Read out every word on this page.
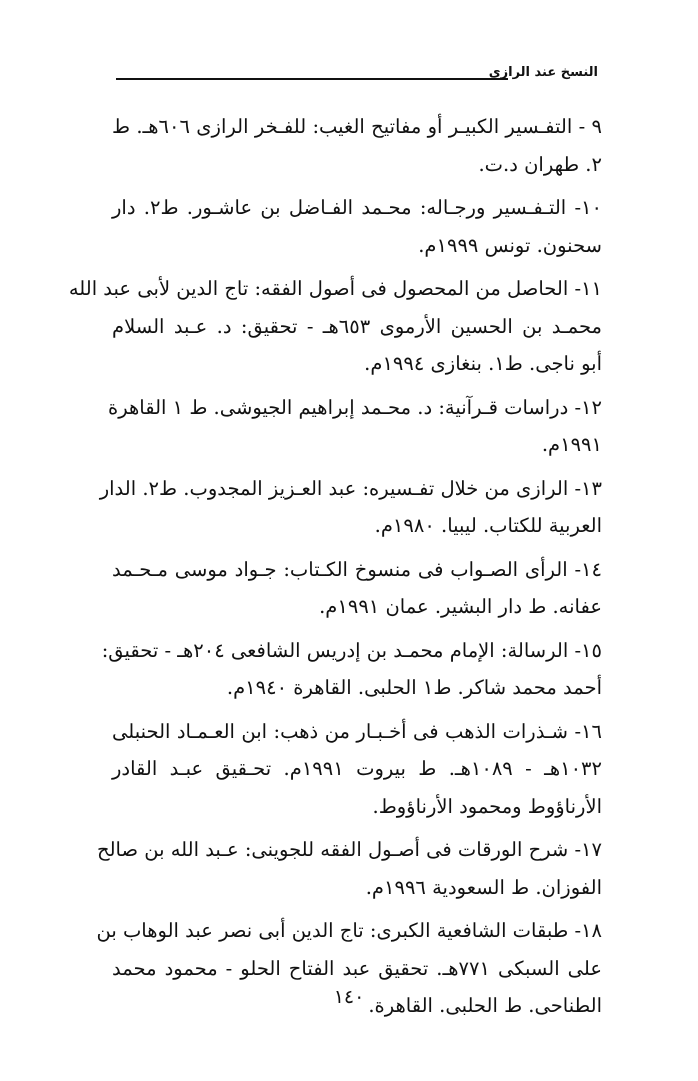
النسخ عند الرازى
٩ - التفـسير الكبيـر أو مفاتيح الغيب: للفـخر الرازى ٦٠٦هـ. ط
٢. طهران د.ت.
١٠- التـفـسير ورجـاله: محـمد الفـاضل بن عاشـور. ط٢. دار
سحنون. تونس ١٩٩٩م.
١١- الحاصل من المحصول فى أصول الفقه: تاج الدين لأبى عبد الله
محمـد بن الحسين الأرموى ٦٥٣هـ - تحقيق: د. عـبد السلام
أبو ناجى. ط١. بنغازى ١٩٩٤م.
١٢- دراسات قـرآنية: د. محـمد إبراهيم الجيوشى. ط ١ القاهرة
١٩٩١م.
١٣- الرازى من خلال تفـسيره: عبد العـزيز المجدوب. ط٢. الدار
العربية للكتاب. ليبيا. ١٩٨٠م.
١٤- الرأى الصـواب فى منسوخ الكـتاب: جـواد موسى مـحـمد
عفانه. ط دار البشير. عمان ١٩٩١م.
١٥- الرسالة: الإمام محمـد بن إدريس الشافعى ٢٠٤هـ - تحقيق:
أحمد محمد شاكر. ط١ الحلبى. القاهرة ١٩٤٠م.
١٦- شـذرات الذهب فى أخـبـار من ذهب: ابن العـمـاد الحنبلى
١٠٣٢هـ - ١٠٨٩هـ. ط بيروت ١٩٩١م. تحـقيق عبـد القادر
الأرناؤوط ومحمود الأرناؤوط.
١٧- شرح الورقات فى أصـول الفقه للجوينى: عـبد الله بن صالح
الفوزان. ط السعودية ١٩٩٦م.
١٨- طبقات الشافعية الكبرى: تاج الدين أبى نصر عبد الوهاب بن
على السبكى ٧٧١هـ. تحقيق عبد الفتاح الحلو - محمود محمد
الطناحى. ط الحلبى. القاهرة.
١٤٠
